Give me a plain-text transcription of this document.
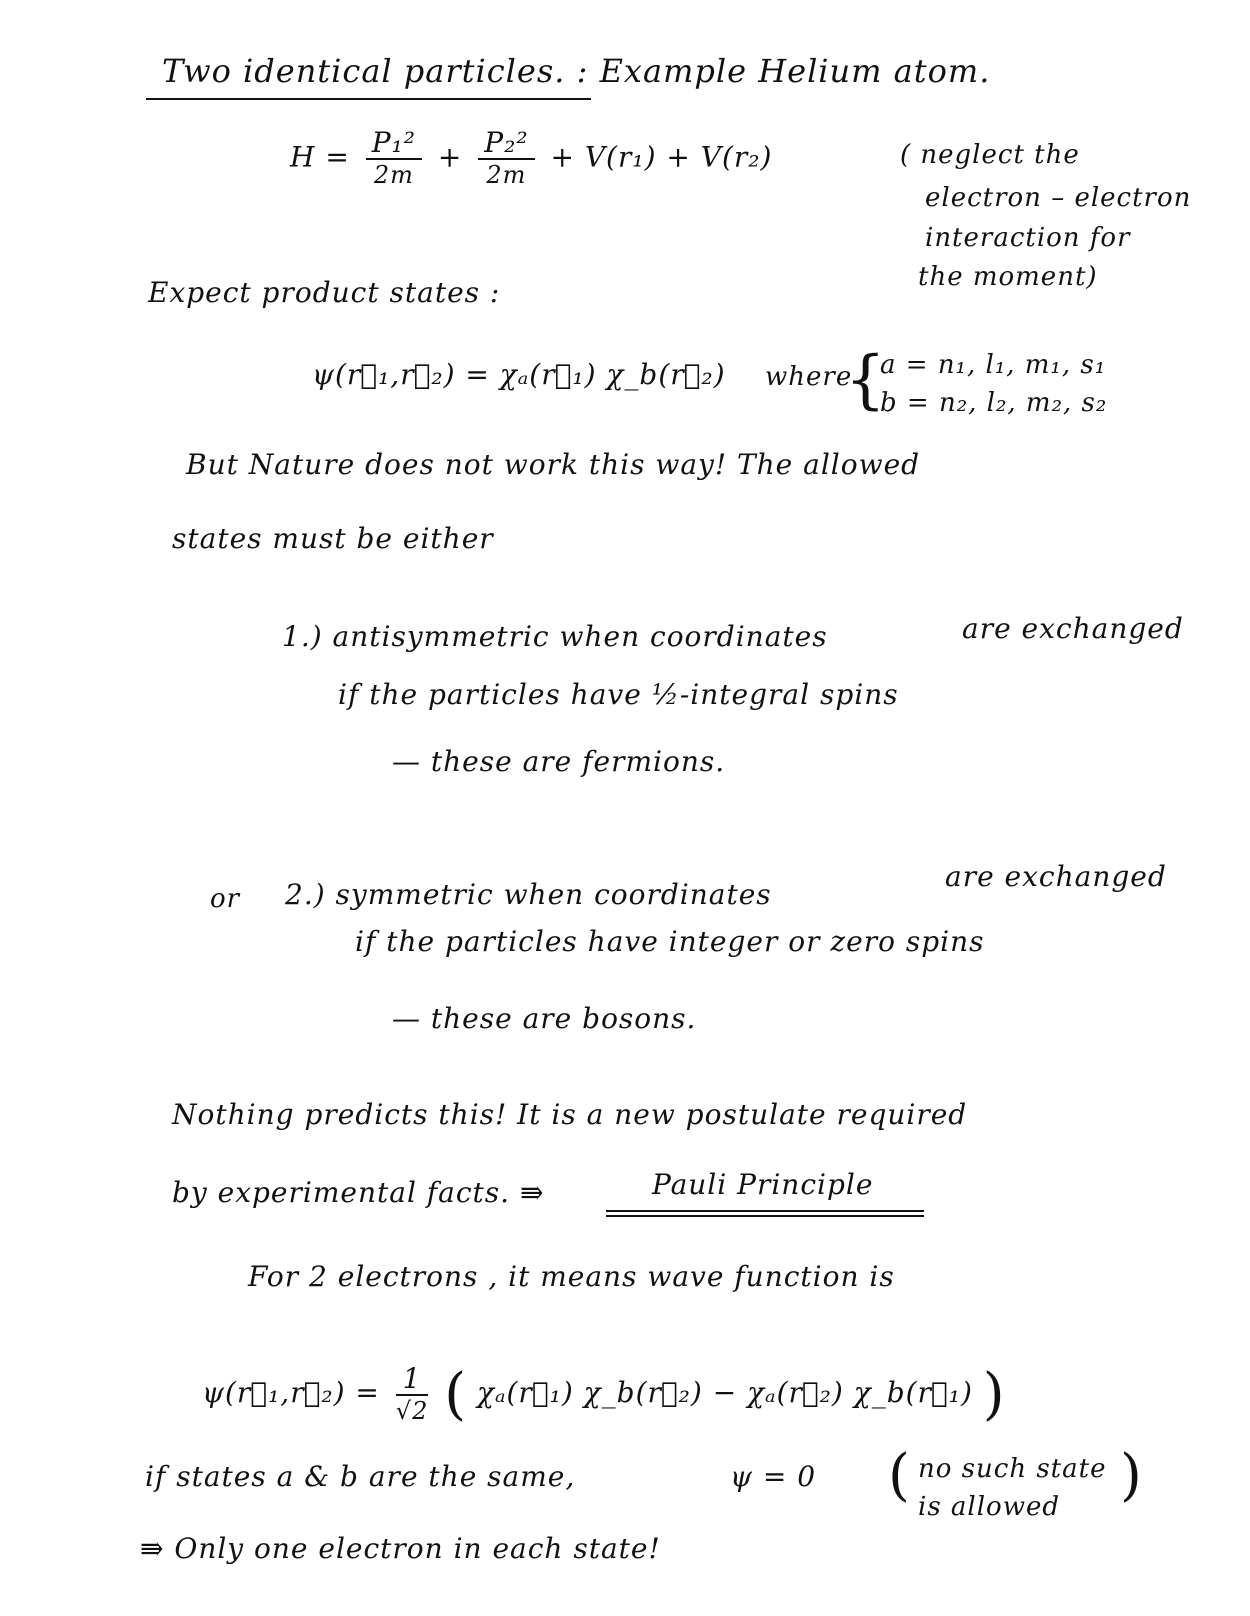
Two identical particles. : Example Helium atom.
$H = \frac{\text{P₁²}}{2m} + \frac{\text{P₂²}}{2m} + V(r_1) + V(r_2)$	( neglect the
electron – electron
interaction for
the moment)
Expect product states :
ψ(r⃗₁,r⃗₂) = χₐ(r⃗₁) χ_b(r⃗₂) where
{
a = n₁, l₁, m₁, s₁
b = n₂, l₂, m₂, s₂
But Nature does not work this way! The allowed
states must be either
1.) antisymmetric when coordinates	are exchanged
if the particles have ½-integral spins
— these are fermions.
or 2.) symmetric when coordinates
are exchanged
if the particles have integer or zero spins
— these are bosons.
Nothing predicts this! It is a new postulate required
by experimental facts. ⇛	Pauli Principle
For 2 electrons , it means wave function is
ψ(r⃗₁,r⃗₂) = $\frac{1}{√2}$ ( χₐ(r⃗₁) χ_b(r⃗₂) − χₐ(r⃗₂) χ_b(r⃗₁) )
if states a & b are the same,	ψ = 0 ( no such state
is allowed )
⇛ Only one electron in each state!
